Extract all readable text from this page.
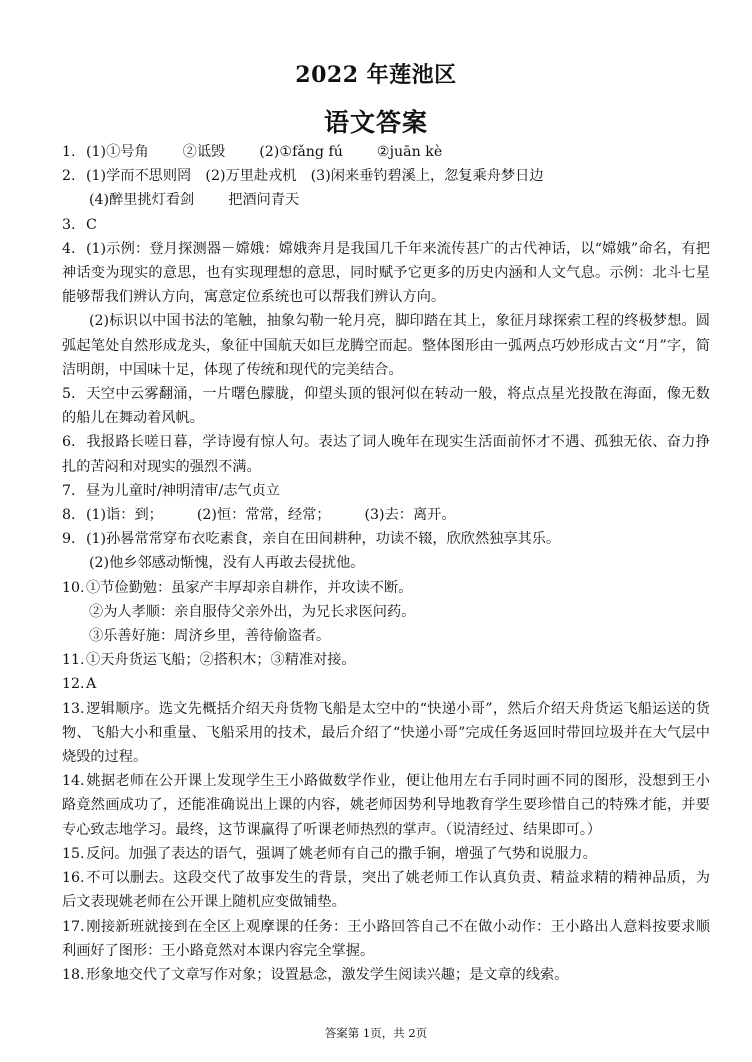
2022 年莲池区
语文答案
1. (1)①号角 ②诋毁 (2)①fǎng fú ②juān kè
2. (1)学而不思则罔　(2)万里赴戎机　(3)闲来垂钓碧溪上，忽复乘舟梦日边
(4)醉里挑灯看剑 把酒问青天
3. C
4. (1)示例：登月探测器－嫦娥：嫦娥奔月是我国几千年来流传甚广的古代神话，以“嫦娥”命名，有把神话变为现实的意思，也有实现理想的意思，同时赋予它更多的历史内涵和人文气息。示例：北斗七星能够帮我们辨认方向，寓意定位系统也可以帮我们辨认方向。
(2)标识以中国书法的笔触，抽象勾勒一轮月亮，脚印踏在其上，象征月球探索工程的终极梦想。圆弧起笔处自然形成龙头，象征中国航天如巨龙腾空而起。整体图形由一弧两点巧妙形成古文“月”字，简洁明朗，中国味十足，体现了传统和现代的完美结合。
5. 天空中云雾翻涌，一片曙色朦胧，仰望头顶的银河似在转动一般，将点点星光投散在海面，像无数的船儿在舞动着风帆。
6. 我报路长嗟日暮，学诗谩有惊人句。表达了词人晚年在现实生活面前怀才不遇、孤独无依、奋力挣扎的苦闷和对现实的强烈不满。
7. 昼为儿童时/神明清审/志气贞立
8. (1)诣：到； (2)恒：常常，经常； (3)去：离开。
9. (1)孙晷常常穿布衣吃素食，亲自在田间耕种，功读不辍，欣欣然独享其乐。
(2)他乡邻感动惭愧，没有人再敢去侵扰他。
10.①节俭勤勉：虽家产丰厚却亲自耕作，并攻读不断。
②为人孝顺：亲自服侍父亲外出，为兄长求医问药。
③乐善好施：周济乡里，善待偷盗者。
11.①天舟货运飞船；②搭积木；③精准对接。
12.A
13.逻辑顺序。选文先概括介绍天舟货物飞船是太空中的“快递小哥”，然后介绍天舟货运飞船运送的货物、飞船大小和重量、飞船采用的技术，最后介绍了“快递小哥”完成任务返回时带回垃圾并在大气层中烧毁的过程。
14.姚据老师在公开课上发现学生王小路做数学作业，便让他用左右手同时画不同的图形，没想到王小路竟然画成功了，还能准确说出上课的内容，姚老师因势利导地教育学生要珍惜自己的特殊才能，并要专心致志地学习。最终，这节课赢得了听课老师热烈的掌声。（说清经过、结果即可。）
15.反问。加强了表达的语气，强调了姚老师有自己的撒手锏，增强了气势和说服力。
16.不可以删去。这段交代了故事发生的背景，突出了姚老师工作认真负责、精益求精的精神品质，为后文表现姚老师在公开课上随机应变做铺垫。
17.刚接新班就接到在全区上观摩课的任务：王小路回答自己不在做小动作：王小路出人意料按要求顺利画好了图形：王小路竟然对本课内容完全掌握。
18.形象地交代了文章写作对象；设置悬念，激发学生阅读兴趣；是文章的线索。
答案第 1页，共 2页
